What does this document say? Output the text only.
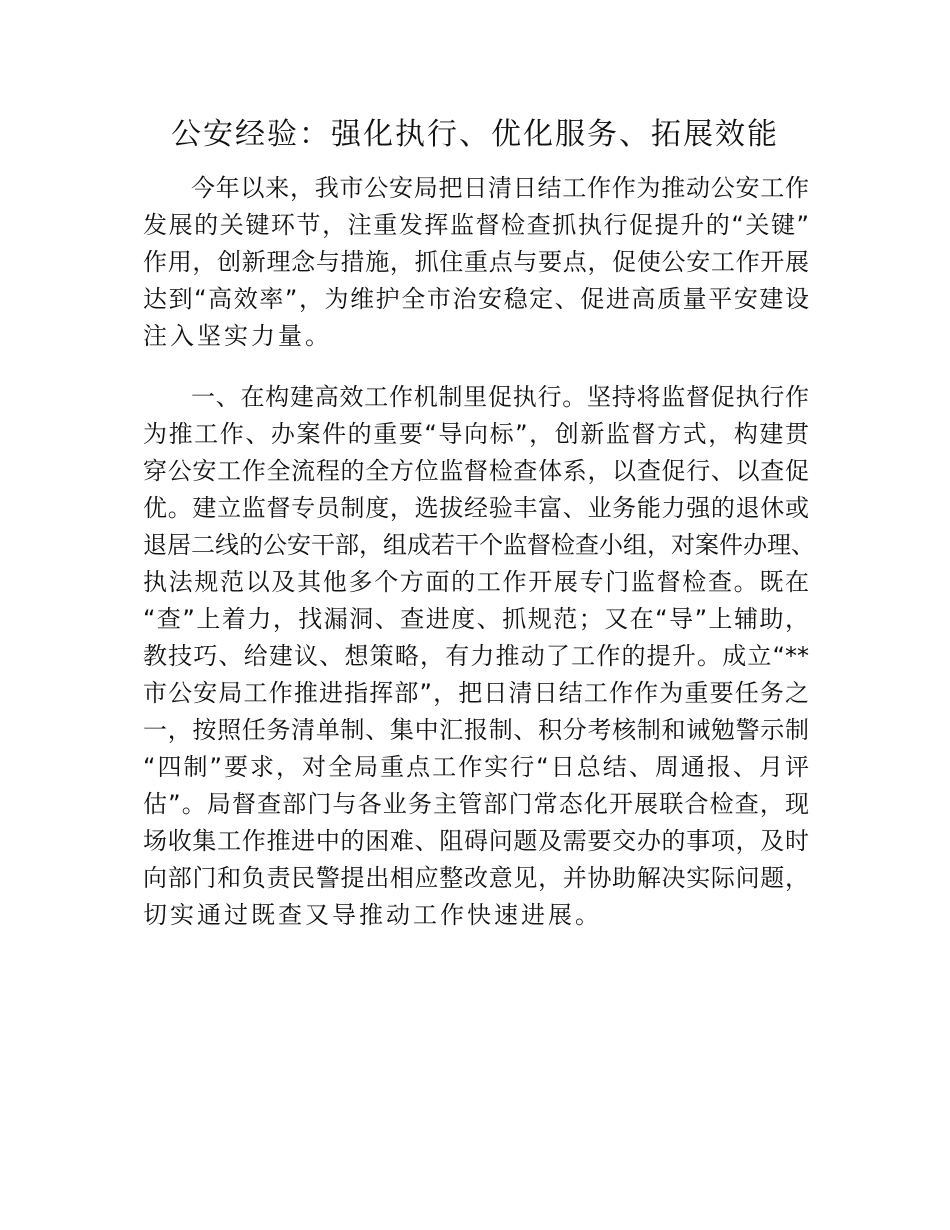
公安经验：强化执行、优化服务、拓展效能
今年以来，我市公安局把日清日结工作作为推动公安工作
发展的关键环节，注重发挥监督检查抓执行促提升的“关键”
作用，创新理念与措施，抓住重点与要点，促使公安工作开展
达到“高效率”，为维护全市治安稳定、促进高质量平安建设
注入坚实力量。
一、在构建高效工作机制里促执行。坚持将监督促执行作
为推工作、办案件的重要“导向标”，创新监督方式，构建贯
穿公安工作全流程的全方位监督检查体系，以查促行、以查促
优。建立监督专员制度，选拔经验丰富、业务能力强的退休或
退居二线的公安干部，组成若干个监督检查小组，对案件办理、
执法规范以及其他多个方面的工作开展专门监督检查。既在
“查”上着力，找漏洞、查进度、抓规范；又在“导”上辅助，
教技巧、给建议、想策略，有力推动了工作的提升。成立“**
市公安局工作推进指挥部”，把日清日结工作作为重要任务之
一，按照任务清单制、集中汇报制、积分考核制和诫勉警示制
“四制”要求，对全局重点工作实行“日总结、周通报、月评
估”。局督查部门与各业务主管部门常态化开展联合检查，现
场收集工作推进中的困难、阻碍问题及需要交办的事项，及时
向部门和负责民警提出相应整改意见，并协助解决实际问题，
切实通过既查又导推动工作快速进展。
